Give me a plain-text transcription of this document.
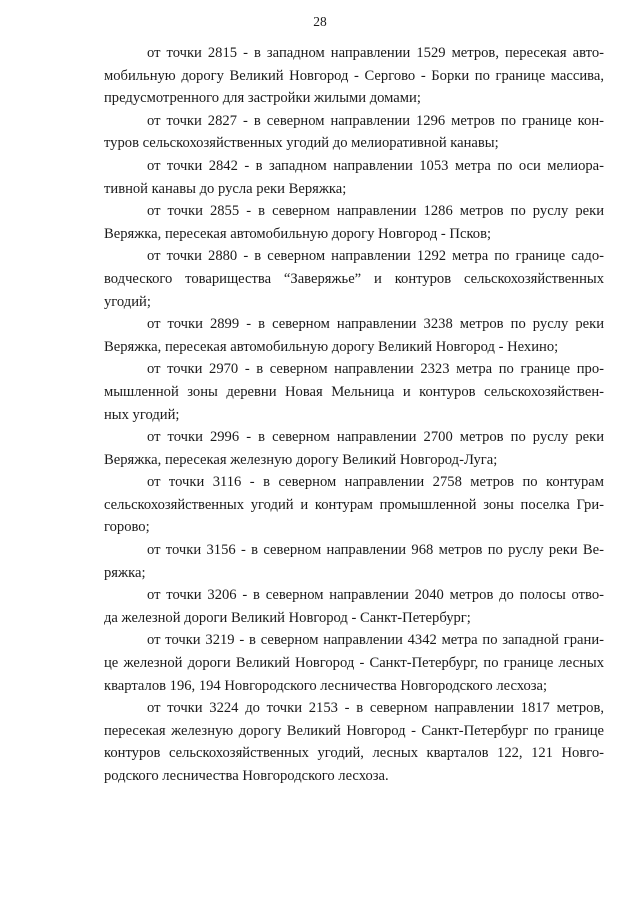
28
от точки 2815 - в западном направлении 1529 метров, пересекая авто-
мобильную дорогу Великий Новгород - Сергово - Борки по границе массива,
предусмотренного для застройки жилыми домами;
от точки 2827 - в северном направлении 1296 метров по границе кон-
туров сельскохозяйственных угодий до мелиоративной канавы;
от точки 2842 - в западном направлении 1053 метра по оси мелиора-
тивной канавы до русла реки Веряжка;
от точки 2855 - в северном направлении 1286 метров по руслу реки
Веряжка, пересекая автомобильную дорогу Новгород - Псков;
от точки 2880 - в северном направлении 1292 метра по границе садо-
водческого товарищества “Заверяжье” и контуров сельскохозяйственных
угодий;
от точки 2899 - в северном направлении 3238 метров по руслу реки
Веряжка, пересекая автомобильную дорогу Великий Новгород - Нехино;
от точки 2970 - в северном направлении 2323 метра по границе про-
мышленной зоны деревни Новая Мельница и контуров сельскохозяйствен-
ных угодий;
от точки 2996 - в северном направлении 2700 метров по руслу реки
Веряжка, пересекая железную дорогу Великий Новгород-Луга;
от точки 3116 - в северном направлении 2758 метров по контурам
сельскохозяйственных угодий и контурам промышленной зоны поселка Гри-
горово;
от точки 3156 - в северном направлении 968 метров по руслу реки Ве-
ряжка;
от точки 3206 - в северном направлении 2040 метров до полосы отво-
да железной дороги Великий Новгород - Санкт-Петербург;
от точки 3219 - в северном направлении 4342 метра по западной грани-
це железной дороги Великий Новгород - Санкт-Петербург, по границе лесных
кварталов 196, 194 Новгородского лесничества Новгородского лесхоза;
от точки 3224 до точки 2153 - в северном направлении 1817 метров,
пересекая железную дорогу Великий Новгород - Санкт-Петербург по границе
контуров сельскохозяйственных угодий, лесных кварталов 122, 121 Новго-
родского лесничества Новгородского лесхоза.
